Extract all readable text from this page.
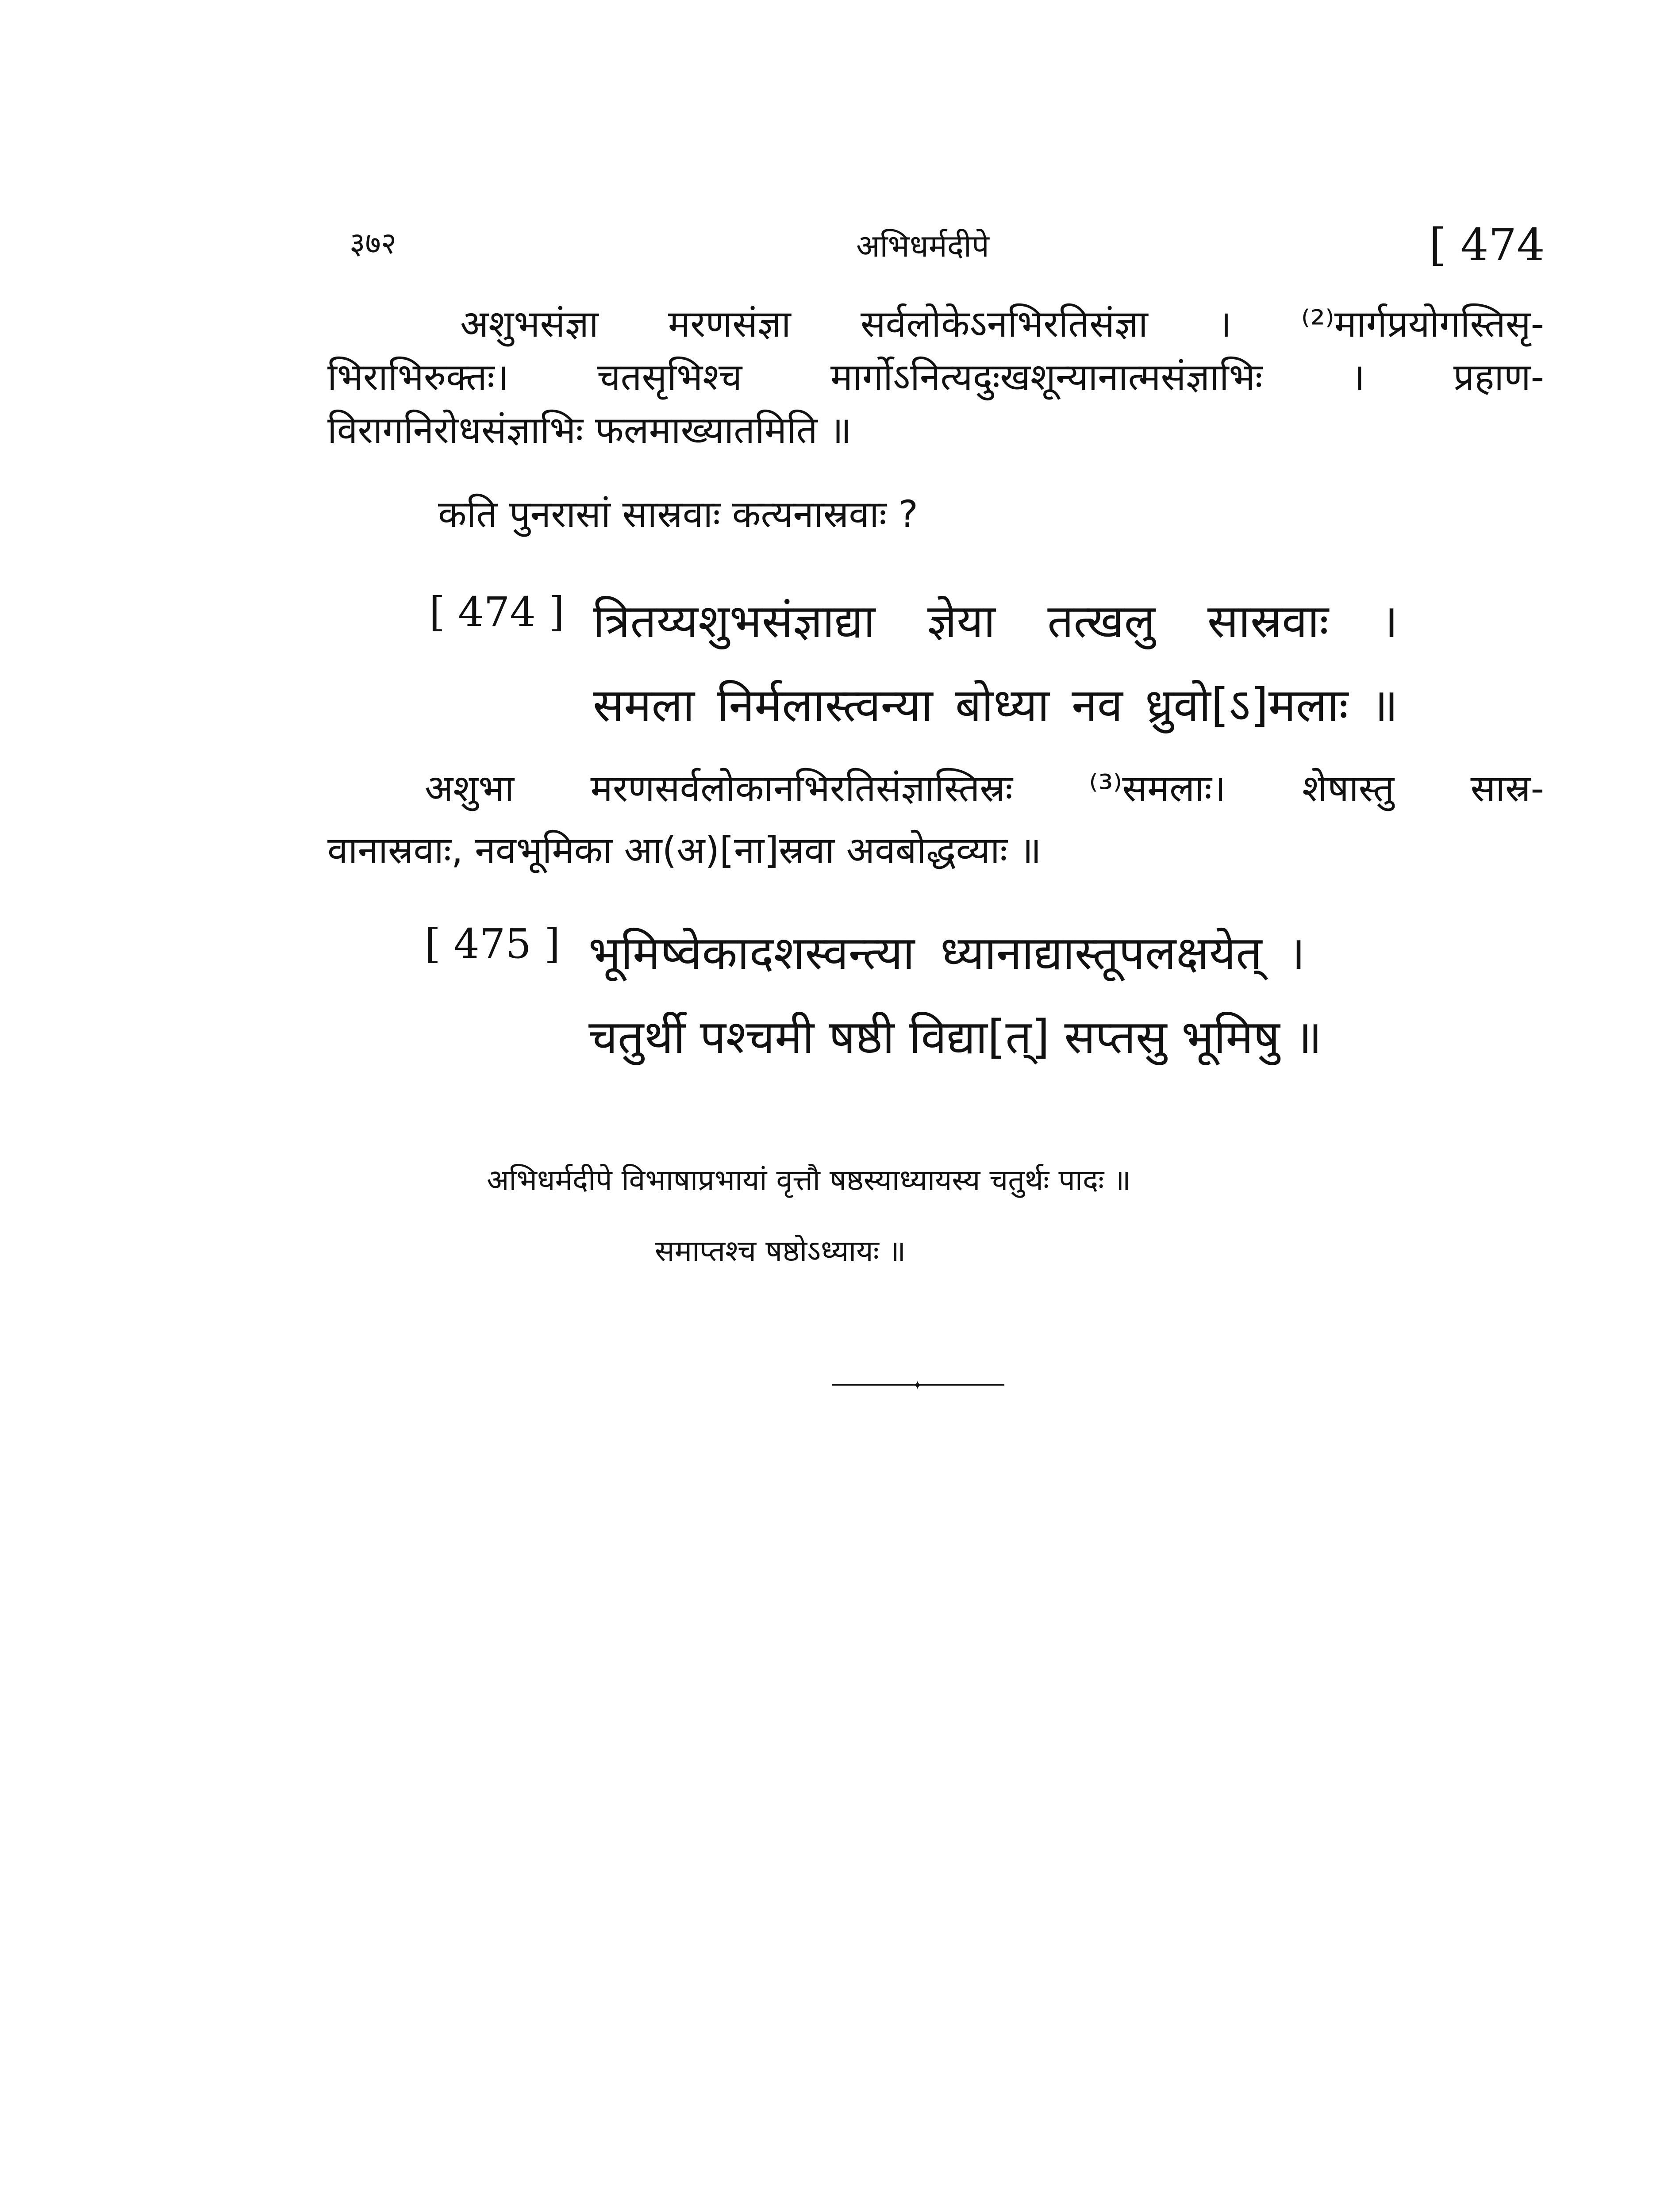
३७२	अभिधर्मदीपे	[ 474
अशुभसंज्ञा मरणसंज्ञा सर्वलोकेऽनभिरतिसंज्ञा । ⁽²⁾मार्गप्रयोगस्तिसृ-
भिराभिरुक्तः। चतसृभिश्च मार्गोऽनित्यदुःखशून्यानात्मसंज्ञाभिः । प्रहाण-
विरागनिरोधसंज्ञाभिः फलमाख्यातमिति ॥
कति पुनरासां सास्रवाः कत्यनास्रवाः ?
[ 474 ] त्रितय्यशुभसंज्ञाद्या ज्ञेया तत्खलु सास्रवाः ।
समला निर्मलास्त्वन्या बोध्या नव ध्रुवो[ऽ]मलाः ॥
अशुभा मरणसर्वलोकानभिरतिसंज्ञास्तिस्रः ⁽³⁾समलाः। शेषास्तु सास्र-
वानास्रवाः, नवभूमिका आ(अ)[ना]स्रवा अवबोद्धव्याः ॥
[ 475 ] भूमिष्वेकादशस्वन्त्या ध्यानाद्यास्तूपलक्षयेत् ।
चतुर्थी पश्चमी षष्ठी विद्या[त्] सप्तसु भूमिषु ॥
अभिधर्मदीपे विभाषाप्रभायां वृत्तौ षष्ठस्याध्यायस्य चतुर्थः पादः ॥
समाप्तश्च षष्ठोऽध्यायः ॥
✦
